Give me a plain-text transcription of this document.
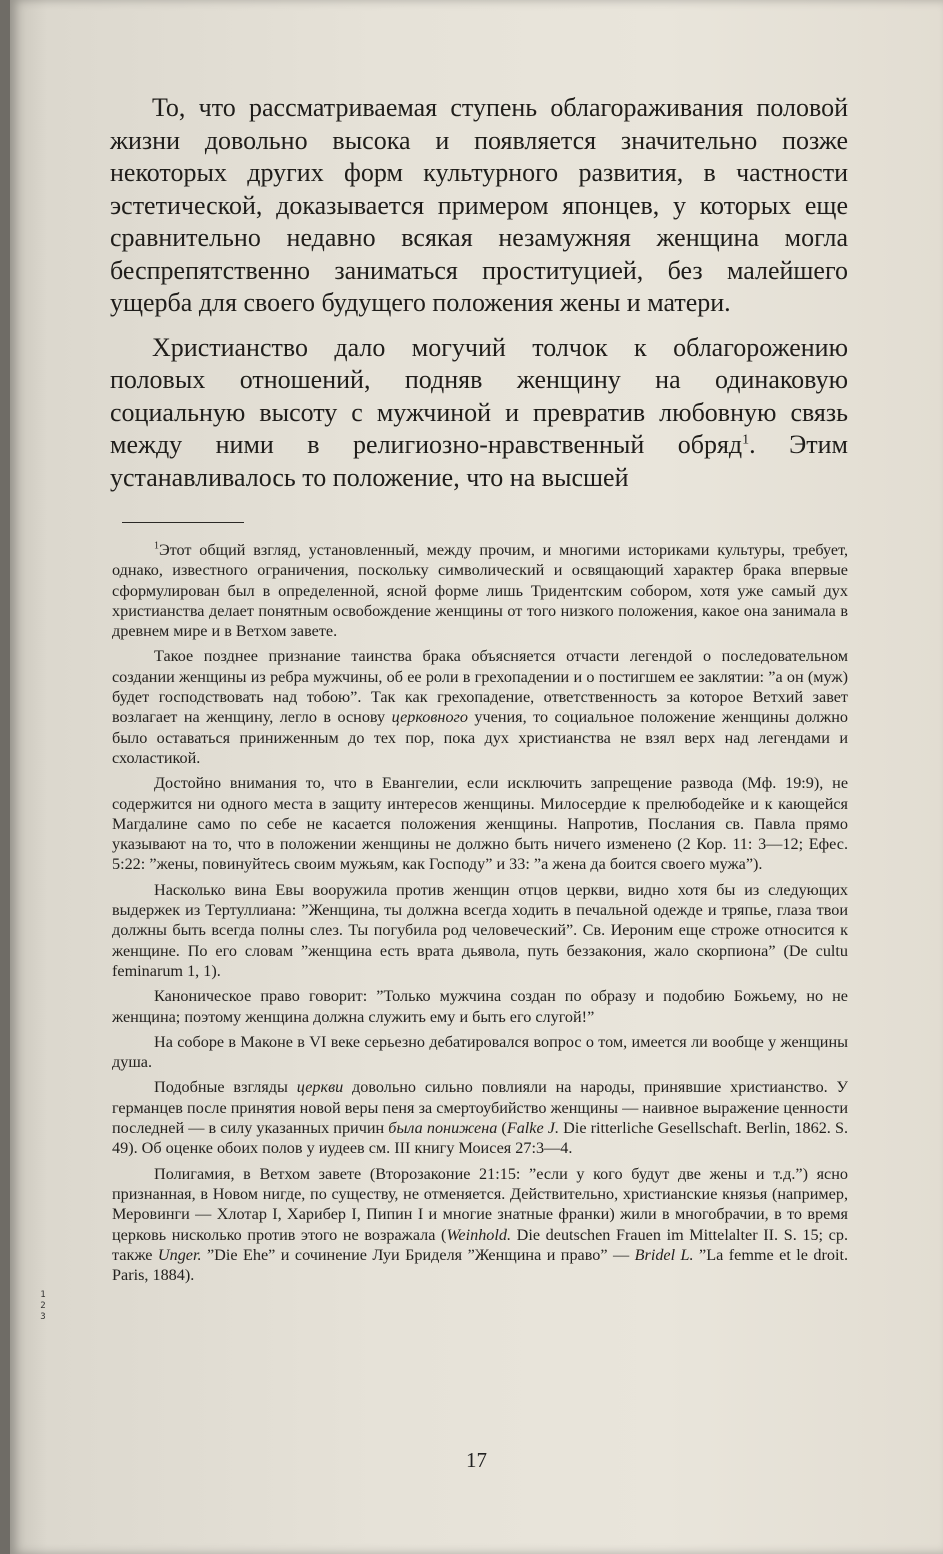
То, что рассматриваемая ступень облагораживания половой жизни довольно высока и появляется значительно позже некоторых других форм культурного развития, в частности эстетической, доказывается примером японцев, у которых еще сравнительно недавно всякая незамужняя женщина могла беспрепятственно заниматься проституцией, без малейшего ущерба для своего будущего положения жены и матери.

Христианство дало могучий толчок к облагорожению половых отношений, подняв женщину на одинаковую социальную высоту с мужчиной и превратив любовную связь между ними в религиозно-нравственный обряд$^1$. Этим устанавливалось то положение, что на высшей

$^1$Этот общий взгляд, установленный, между прочим, и многими историками культуры, требует, однако, известного ограничения, поскольку символический и освящающий характер брака впервые сформулирован был в определенной, ясной форме лишь Тридентским собором, хотя уже самый дух христианства делает понятным освобождение женщины от того низкого положения, какое она занимала в древнем мире и в Ветхом завете.

Такое позднее признание таинства брака объясняется отчасти легендой о последовательном создании женщины из ребра мужчины, об ее роли в грехопадении и о постигшем ее заклятии: ”а он (муж) будет господствовать над тобою”. Так как грехопадение, ответственность за которое Ветхий завет возлагает на женщину, легло в основу церковного учения, то социальное положение женщины должно было оставаться приниженным до тех пор, пока дух христианства не взял верх над легендами и схоластикой.

Достойно внимания то, что в Евангелии, если исключить запрещение развода (Мф. 19:9), не содержится ни одного места в защиту интересов женщины. Милосердие к прелюбодейке и к кающейся Магдалине само по себе не касается положения женщины. Напротив, Послания св. Павла прямо указывают на то, что в положении женщины не должно быть ничего изменено (2 Кор. 11: 3—12; Ефес. 5:22: ”жены, повинуйтесь своим мужьям, как Господу” и 33: ”а жена да боится своего мужа”).

Насколько вина Евы вооружила против женщин отцов церкви, видно хотя бы из следующих выдержек из Тертуллиана: ”Женщина, ты должна всегда ходить в печальной одежде и тряпье, глаза твои должны быть всегда полны слез. Ты погубила род человеческий”. Св. Иероним еще строже относится к женщине. По его словам ”женщина есть врата дьявола, путь беззакония, жало скорпиона” (De cultu feminarum 1, 1).

Каноническое право говорит: ”Только мужчина создан по образу и подобию Божьему, но не женщина; поэтому женщина должна служить ему и быть его слугой!”

На соборе в Маконе в VI веке серьезно дебатировался вопрос о том, имеется ли вообще у женщины душа.

Подобные взгляды церкви довольно сильно повлияли на народы, принявшие христианство. У германцев после принятия новой веры пеня за смертоубийство женщины — наивное выражение ценности последней — в силу указанных причин была понижена (Falke J. Die ritterliche Gesellschaft. Berlin, 1862. S. 49). Об оценке обоих полов у иудеев см. III книгу Моисея 27:3—4.

Полигамия, в Ветхом завете (Второзаконие 21:15: ”если у кого будут две жены и т.д.”) ясно признанная, в Новом нигде, по существу, не отменяется. Действительно, христианские князья (например, Меровинги — Хлотар I, Харибер I, Пипин I и многие знатные франки) жили в многобрачии, в то время церковь нисколько против этого не возражала (Weinhold. Die deutschen Frauen im Mittelalter II. S. 15; ср. также Unger. ”Die Ehe” и сочинение Луи Бриделя ”Женщина и право” — Bridel L. ”La femme et le droit. Paris, 1884).

1
2
3
17
